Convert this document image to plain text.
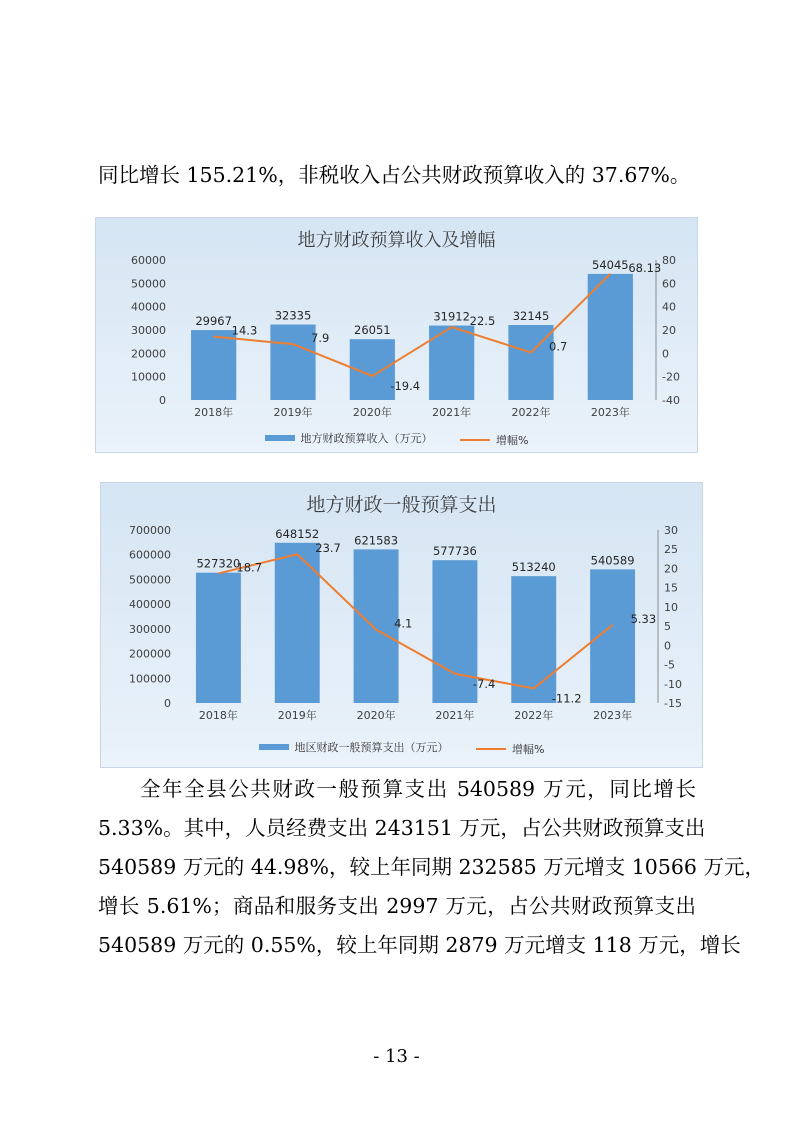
同比增长 155.21%，非税收入占公共财政预算收入的 37.67%。
地方财政预算收入及增幅
60000
50000
40000
30000
20000
10000
0
80
60
40
20
0
-20
-40
29967
2018年
32335
2019年
26051
2020年
31912
2021年
32145
2022年
54045
2023年
14.3
7.9
-19.4
22.5
0.7
68.13
地方财政预算收入（万元）
	增幅%
地方财政一般预算支出
700000
600000
500000
400000
300000
200000
100000
0
30
25
20
15
10
5
0
-5
-10
-15
527320
2018年
648152
2019年
621583
2020年
577736
2021年
513240
2022年
540589
2023年
18.7
23.7
4.1
-7.4
-11.2
5.33
地区财政一般预算支出（万元）
	增幅%
全年全县公共财政一般预算支出 540589 万元，同比增长
5.33%。其中，人员经费支出 243151 万元，占公共财政预算支出
540589 万元的 44.98%，较上年同期 232585 万元增支 10566 万元，
增长 5.61%；商品和服务支出 2997 万元，占公共财政预算支出
540589 万元的 0.55%，较上年同期 2879 万元增支 118 万元，增长
- 13 -
